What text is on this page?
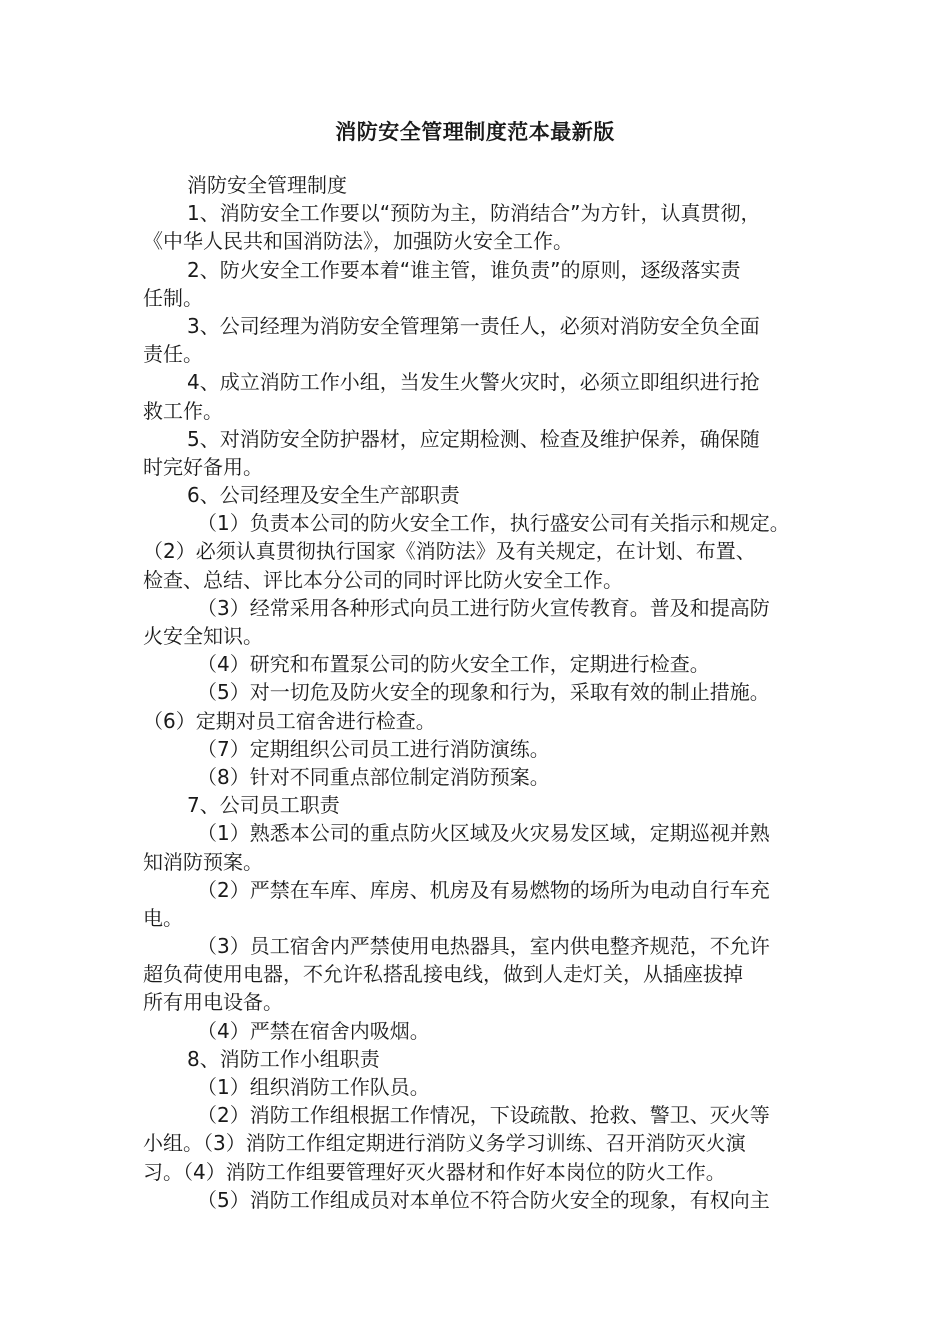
消防安全管理制度范本最新版
消防安全管理制度
1、消防安全工作要以“预防为主，防消结合”为方针，认真贯彻，
《中华人民共和国消防法》，加强防火安全工作。
2、防火安全工作要本着“谁主管，谁负责”的原则，逐级落实责
任制。
3、公司经理为消防安全管理第一责任人，必须对消防安全负全面
责任。
4、成立消防工作小组，当发生火警火灾时，必须立即组织进行抢
救工作。
5、对消防安全防护器材，应定期检测、检查及维护保养，确保随
时完好备用。
6、公司经理及安全生产部职责
（1）负责本公司的防火安全工作，执行盛安公司有关指示和规定。
（2）必须认真贯彻执行国家《消防法》及有关规定，在计划、布置、
检查、总结、评比本分公司的同时评比防火安全工作。
（3）经常采用各种形式向员工进行防火宣传教育。普及和提高防
火安全知识。
（4）研究和布置泵公司的防火安全工作，定期进行检查。
（5）对一切危及防火安全的现象和行为，采取有效的制止措施。
（6）定期对员工宿舍进行检查。
（7）定期组织公司员工进行消防演练。
（8）针对不同重点部位制定消防预案。
7、公司员工职责
（1）熟悉本公司的重点防火区域及火灾易发区域，定期巡视并熟
知消防预案。
（2）严禁在车库、库房、机房及有易燃物的场所为电动自行车充
电。
（3）员工宿舍内严禁使用电热器具，室内供电整齐规范，不允许
超负荷使用电器，不允许私搭乱接电线，做到人走灯关，从插座拔掉
所有用电设备。
（4）严禁在宿舍内吸烟。
8、消防工作小组职责
（1）组织消防工作队员。
（2）消防工作组根据工作情况，下设疏散、抢救、警卫、灭火等
小组。（3）消防工作组定期进行消防义务学习训练、召开消防灭火演
习。（4）消防工作组要管理好灭火器材和作好本岗位的防火工作。
（5）消防工作组成员对本单位不符合防火安全的现象，有权向主
